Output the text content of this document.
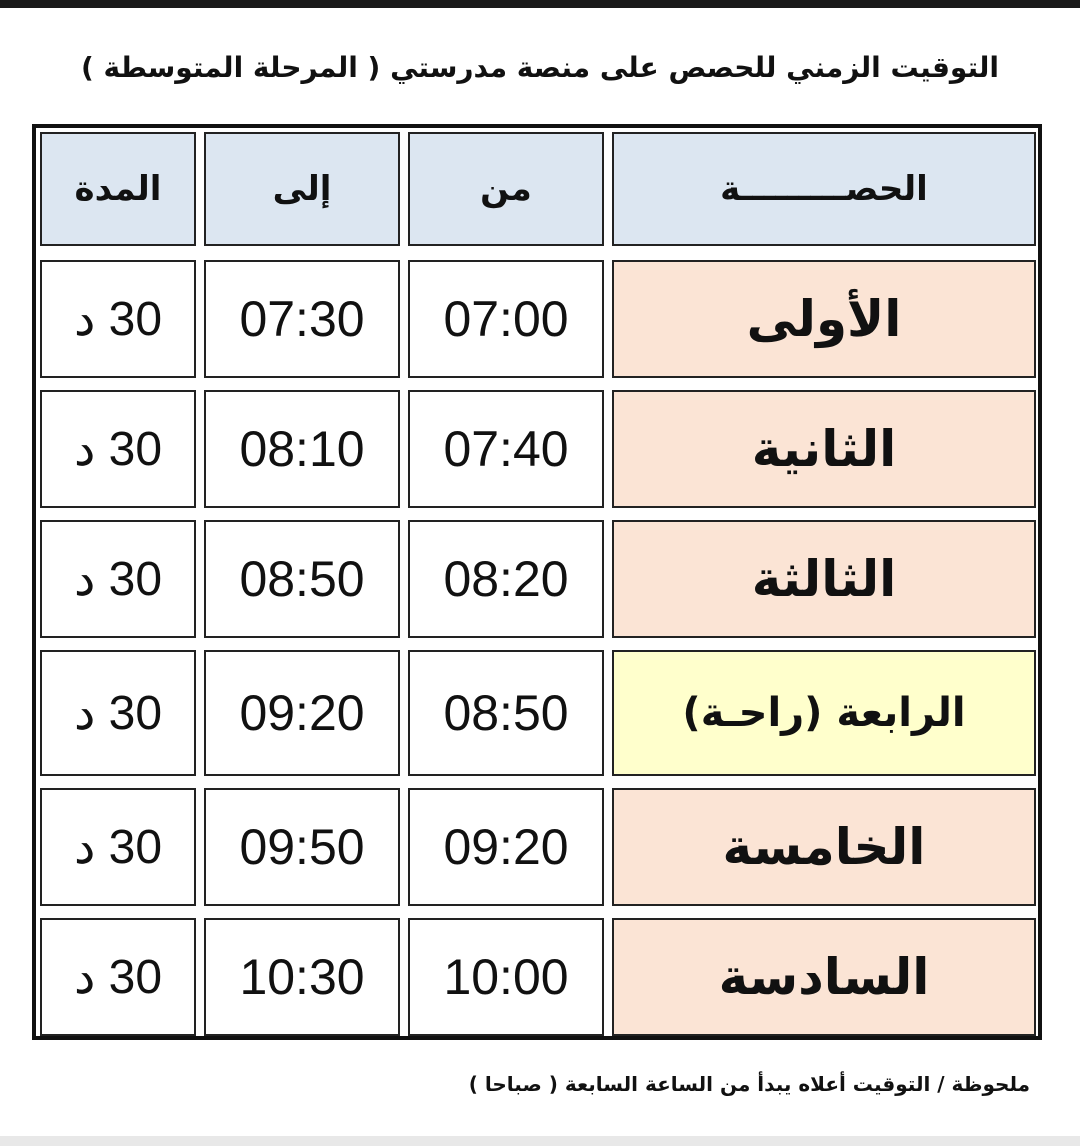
التوقيت الزمني للحصص على منصة مدرستي ( المرحلة المتوسطة )
الحصـــــــــة
من
إلى
المدة
الأولى
07:00
07:30
30 د
الثانية
07:40
08:10
30 د
الثالثة
08:20
08:50
30 د
الرابعة (راحـة)
08:50
09:20
30 د
الخامسة
09:20
09:50
30 د
السادسة
10:00
10:30
30 د
ملحوظة / التوقيت أعلاه يبدأ من الساعة السابعة ( صباحا )
